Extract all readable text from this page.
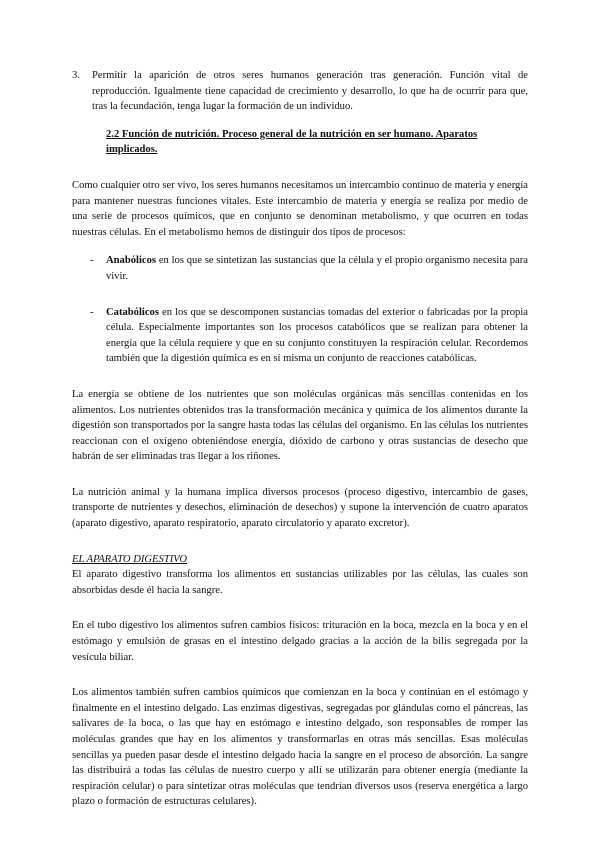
3. Permitir la aparición de otros seres humanos generación tras generación. Función vital de reproducción. Igualmente tiene capacidad de crecimiento y desarrollo, lo que ha de ocurrir para que, tras la fecundación, tenga lugar la formación de un individuo.

2.2 Función de nutrición. Proceso general de la nutrición en ser humano. Aparatos implicados.

Como cualquier otro ser vivo, los seres humanos necesitamos un intercambio continuo de materia y energía para mantener nuestras funciones vitales. Este intercambio de materia y energía se realiza por medio de una serie de procesos químicos, que en conjunto se denominan metabolismo, y que ocurren en todas nuestras células. En el metabolismo hemos de distinguir dos tipos de procesos:

- Anabólicos en los que se sintetizan las sustancias que la célula y el propio organismo necesita para vivir.

- Catabólicos en los que se descomponen sustancias tomadas del exterior o fabricadas por la propia célula. Especialmente importantes son los procesos catabólicos que se realizan para obtener la energía que la célula requiere y que en su conjunto constituyen la respiración celular. Recordemos también que la digestión química es en sí misma un conjunto de reacciones catabólicas.

La energía se obtiene de los nutrientes que son moléculas orgánicas más sencillas contenidas en los alimentos. Los nutrientes obtenidos tras la transformación mecánica y química de los alimentos durante la digestión son transportados por la sangre hasta todas las células del organismo. En las células los nutrientes reaccionan con el oxígeno obteniéndose energía, dióxido de carbono y otras sustancias de desecho que habrán de ser eliminadas tras llegar a los riñones.

La nutrición animal y la humana implica diversos procesos (proceso digestivo, intercambio de gases, transporte de nutrientes y desechos, eliminación de desechos) y supone la intervención de cuatro aparatos (aparato digestivo, aparato respiratorio, aparato circulatorio y aparato excretor).

EL APARATO DIGESTIVO

El aparato digestivo transforma los alimentos en sustancias utilizables por las células, las cuales son absorbidas desde él hacia la sangre.

En el tubo digestivo los alimentos sufren cambios físicos: trituración en la boca, mezcla en la boca y en el estómago y emulsión de grasas en el intestino delgado gracias a la acción de la bilis segregada por la vesícula biliar.

Los alimentos también sufren cambios químicos que comienzan en la boca y continúan en el estómago y finalmente en el intestino delgado. Las enzimas digestivas, segregadas por glándulas como el páncreas, las salivares de la boca, o las que hay en estómago e intestino delgado, son responsables de romper las moléculas grandes que hay en los alimentos y transformarlas en otras más sencillas. Esas moléculas sencillas ya pueden pasar desde el intestino delgado hacia la sangre en el proceso de absorción. La sangre las distribuirá a todas las células de nuestro cuerpo y allí se utilizarán para obtener energía (mediante la respiración celular) o para sintetizar otras moléculas que tendrían diversos usos (reserva energética a largo plazo o formación de estructuras celulares).
